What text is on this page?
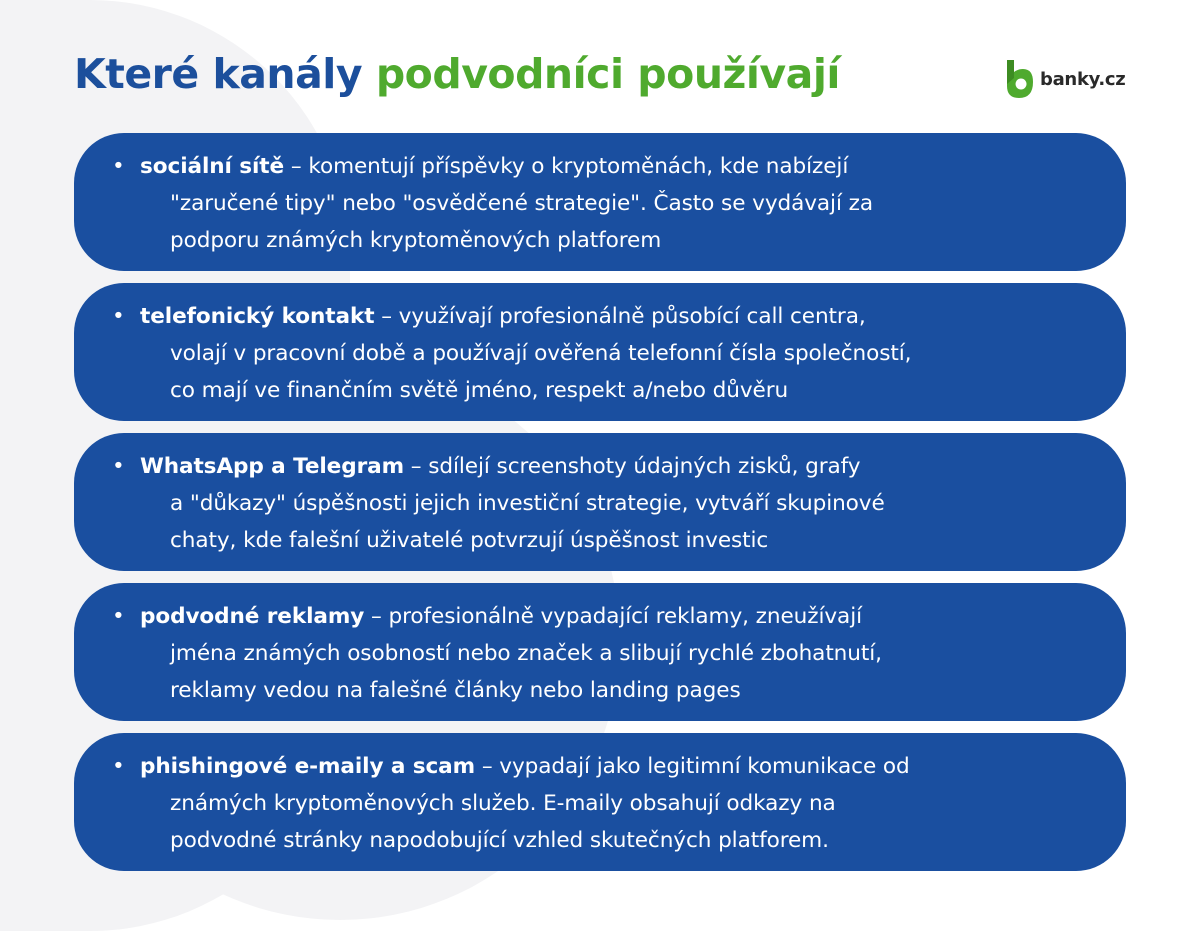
Které kanály podvodníci používají	banky.cz
• sociální sítě – komentují příspěvky o kryptoměnách, kde nabízejí
"zaručené tipy" nebo "osvědčené strategie". Často se vydávají za
podporu známých kryptoměnových platforem
• telefonický kontakt – využívají profesionálně působící call centra,
volají v pracovní době a používají ověřená telefonní čísla společností,
co mají ve finančním světě jméno, respekt a/nebo důvěru
• WhatsApp a Telegram – sdílejí screenshoty údajných zisků, grafy
a "důkazy" úspěšnosti jejich investiční strategie, vytváří skupinové
chaty, kde falešní uživatelé potvrzují úspěšnost investic
• podvodné reklamy – profesionálně vypadající reklamy, zneužívají
jména známých osobností nebo značek a slibují rychlé zbohatnutí,
reklamy vedou na falešné články nebo landing pages
• phishingové e-maily a scam – vypadají jako legitimní komunikace od
známých kryptoměnových služeb. E-maily obsahují odkazy na
podvodné stránky napodobující vzhled skutečných platforem.
